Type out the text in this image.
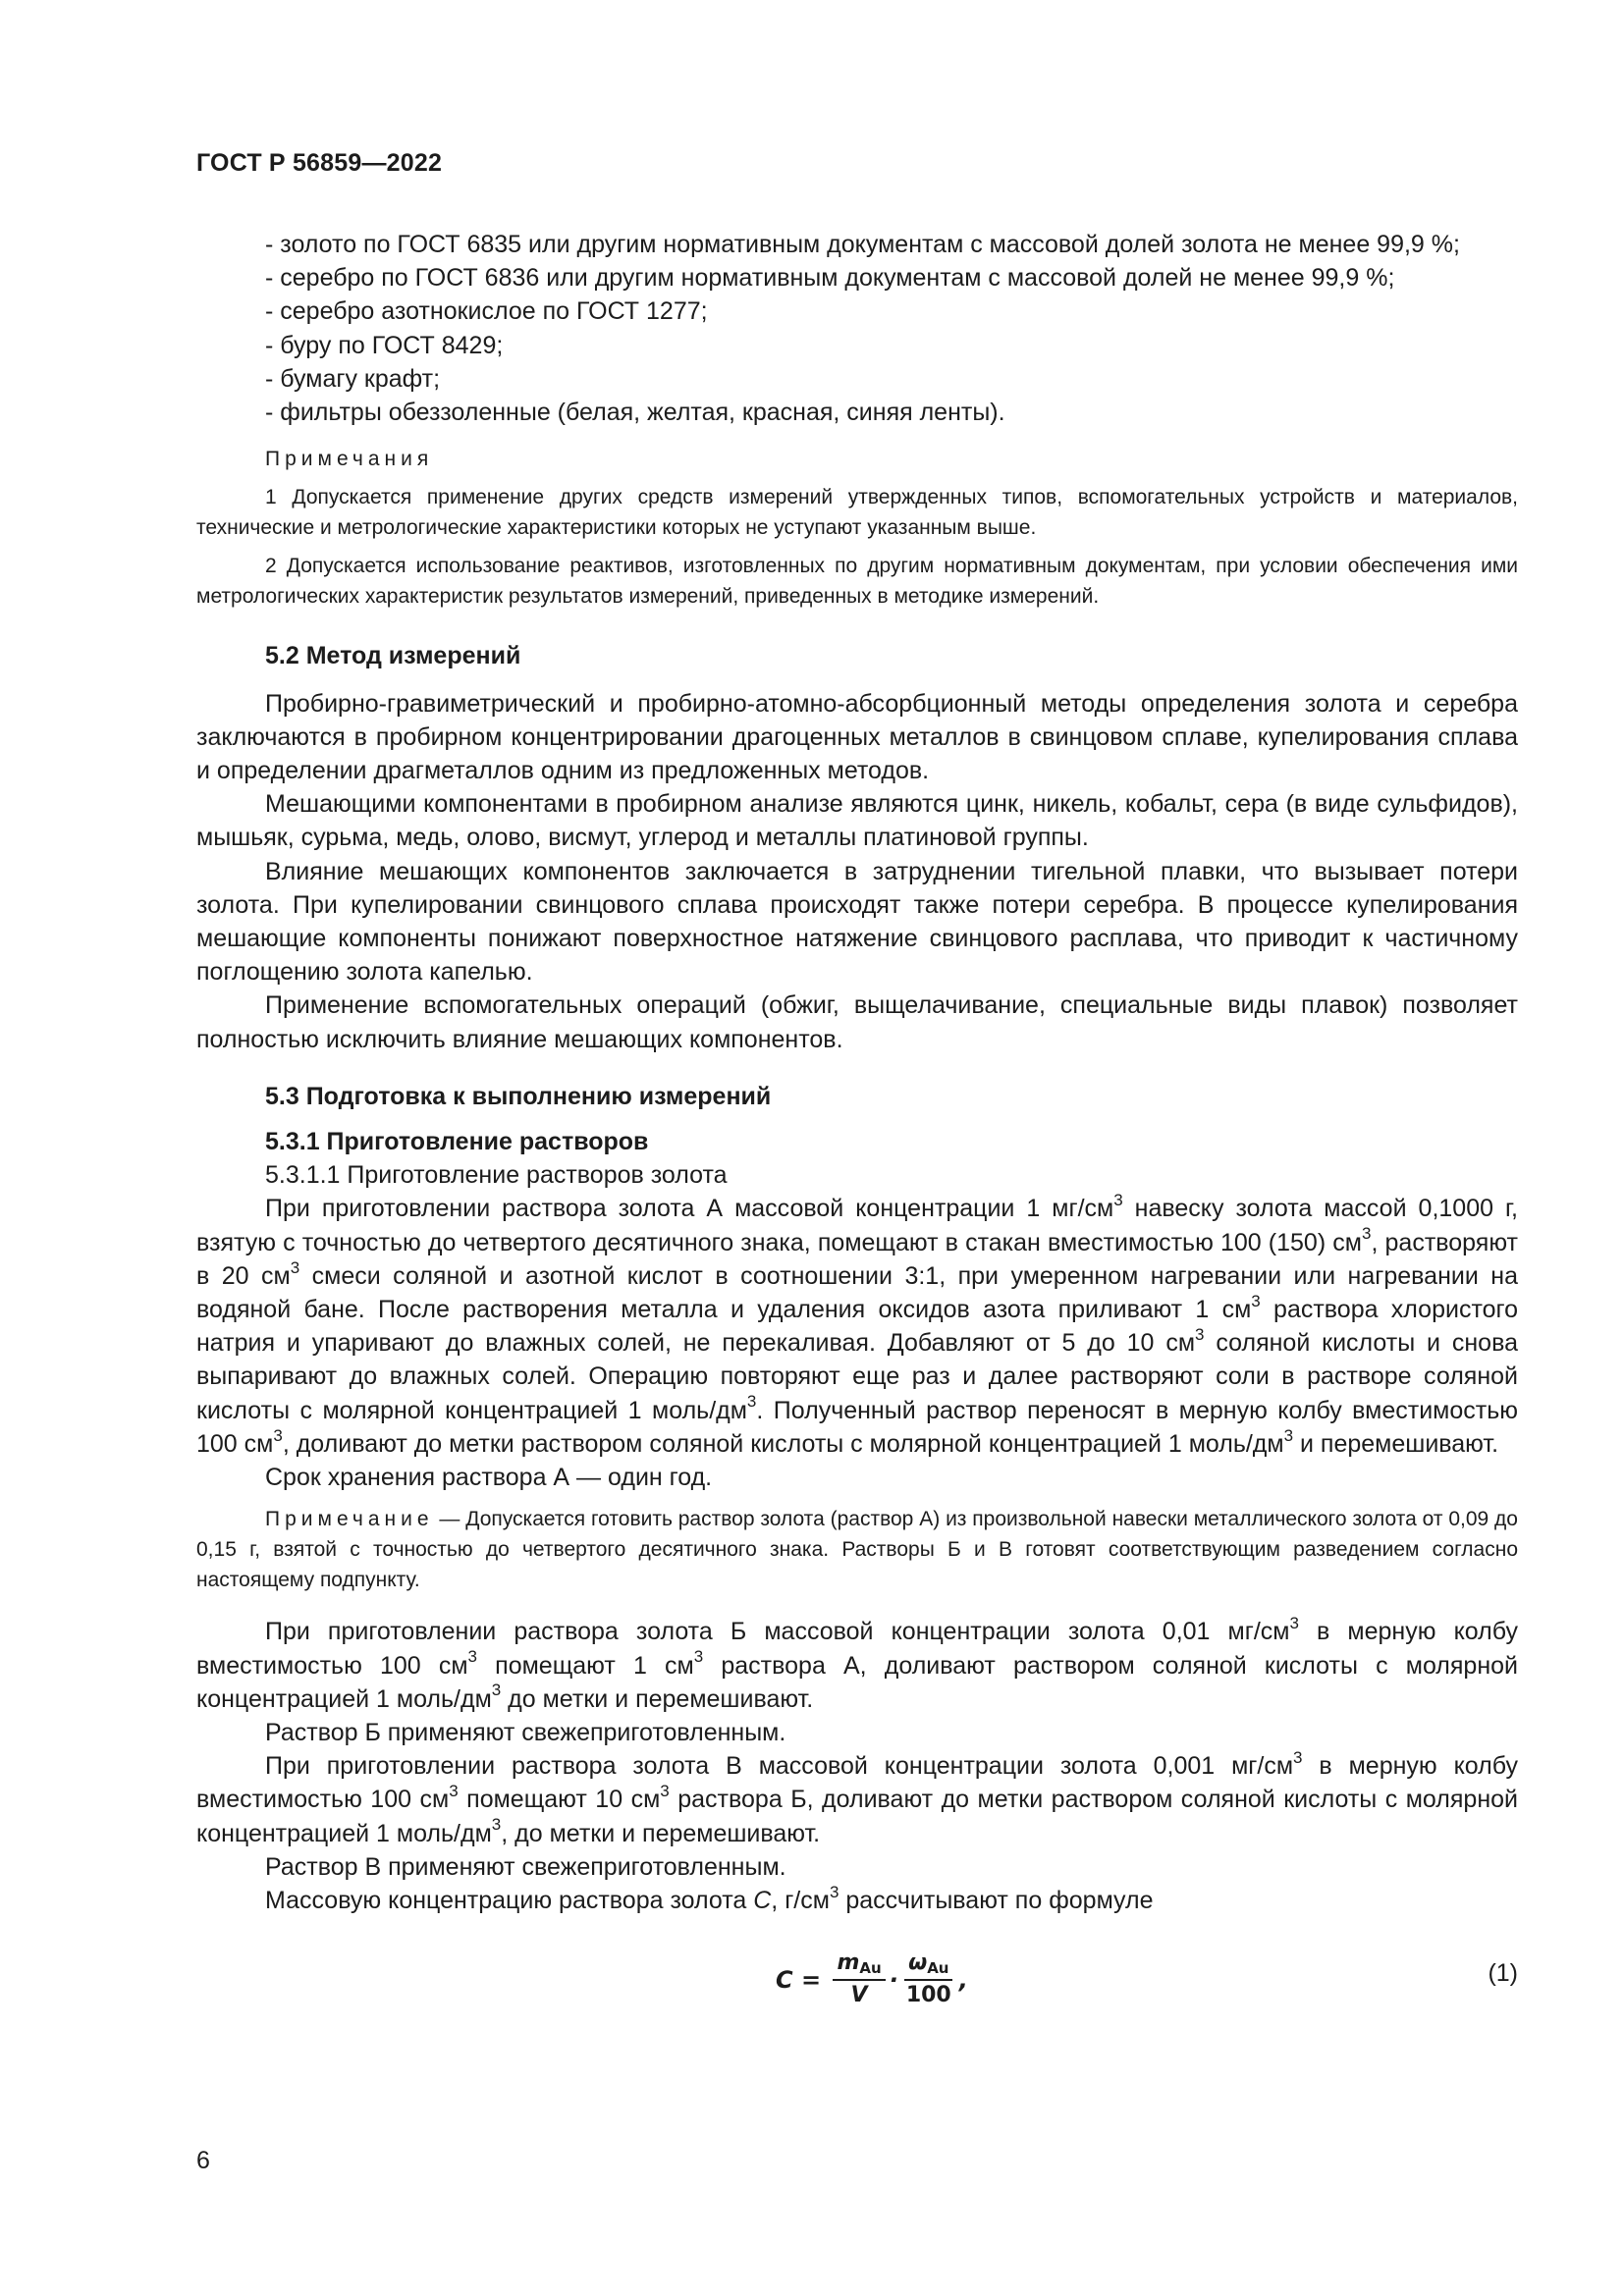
ГОСТ Р 56859—2022

- золото по ГОСТ 6835 или другим нормативным документам с массовой долей золота не менее 99,9 %;

- серебро по ГОСТ 6836 или другим нормативным документам с массовой долей не менее 99,9 %;

- серебро азотнокислое по ГОСТ 1277;

- буру по ГОСТ 8429;

- бумагу крафт;

- фильтры обеззоленные (белая, желтая, красная, синяя ленты).

Примечания

1 Допускается применение других средств измерений утвержденных типов, вспомогательных устройств и материалов, технические и метрологические характеристики которых не уступают указанным выше.

2 Допускается использование реактивов, изготовленных по другим нормативным документам, при условии обеспечения ими метрологических характеристик результатов измерений, приведенных в методике измерений.

5.2 Метод измерений

Пробирно-гравиметрический и пробирно-атомно-абсорбционный методы определения золота и серебра заключаются в пробирном концентрировании драгоценных металлов в свинцовом сплаве, купелирования сплава и определении драгметаллов одним из предложенных методов.

Мешающими компонентами в пробирном анализе являются цинк, никель, кобальт, сера (в виде сульфидов), мышьяк, сурьма, медь, олово, висмут, углерод и металлы платиновой группы.

Влияние мешающих компонентов заключается в затруднении тигельной плавки, что вызывает потери золота. При купелировании свинцового сплава происходят также потери серебра. В процессе купелирования мешающие компоненты понижают поверхностное натяжение свинцового расплава, что приводит к частичному поглощению золота капелью.

Применение вспомогательных операций (обжиг, выщелачивание, специальные виды плавок) позволяет полностью исключить влияние мешающих компонентов.

5.3 Подготовка к выполнению измерений

5.3.1 Приготовление растворов

5.3.1.1 Приготовление растворов золота

При приготовлении раствора золота А массовой концентрации 1 $мг/см^3$ навеску золота массой 0,1000 г, взятую с точностью до четвертого десятичного знака, помещают в стакан вместимостью 100 (150) $см^3$, растворяют в 20 $см^3$ смеси соляной и азотной кислот в соотношении 3:1, при умеренном нагревании или нагревании на водяной бане. После растворения металла и удаления оксидов азота приливают 1 $см^3$ раствора хлористого натрия и упаривают до влажных солей, не перекаливая. Добавляют от 5 до 10 $см^3$ соляной кислоты и снова выпаривают до влажных солей. Операцию повторяют еще раз и далее растворяют соли в растворе соляной кислоты с молярной концентрацией 1 моль/$дм^3$. Полученный раствор переносят в мерную колбу вместимостью 100 $см^3$, доливают до метки раствором соляной кислоты с молярной концентрацией 1 моль/$дм^3$ и перемешивают.

Срок хранения раствора А — один год.

Примечание — Допускается готовить раствор золота (раствор А) из произвольной навески металлического золота от 0,09 до 0,15 г, взятой с точностью до четвертого десятичного знака. Растворы Б и В готовят соответствующим разведением согласно настоящему подпункту.

При приготовлении раствора золота Б массовой концентрации золота 0,01 $мг/см^3$ в мерную колбу вместимостью 100 $см^3$ помещают 1 $см^3$ раствора А, доливают раствором соляной кислоты с молярной концентрацией 1 моль/$дм^3$ до метки и перемешивают.

Раствор Б применяют свежеприготовленным.

При приготовлении раствора золота В массовой концентрации золота 0,001 $мг/см^3$ в мерную колбу вместимостью 100 $см^3$ помещают 10 $см^3$ раствора Б, доливают до метки раствором соляной кислоты с молярной концентрацией 1 моль/$дм^3$, до метки и перемешивают.

Раствор В применяют свежеприготовленным.

Массовую концентрацию раствора золота C, $г/см^3$ рассчитывают по формуле

$C = \frac{\text{mAu}}{V} \cdot \frac{\text{ωAu}}{100}$ ,	(1)
6
